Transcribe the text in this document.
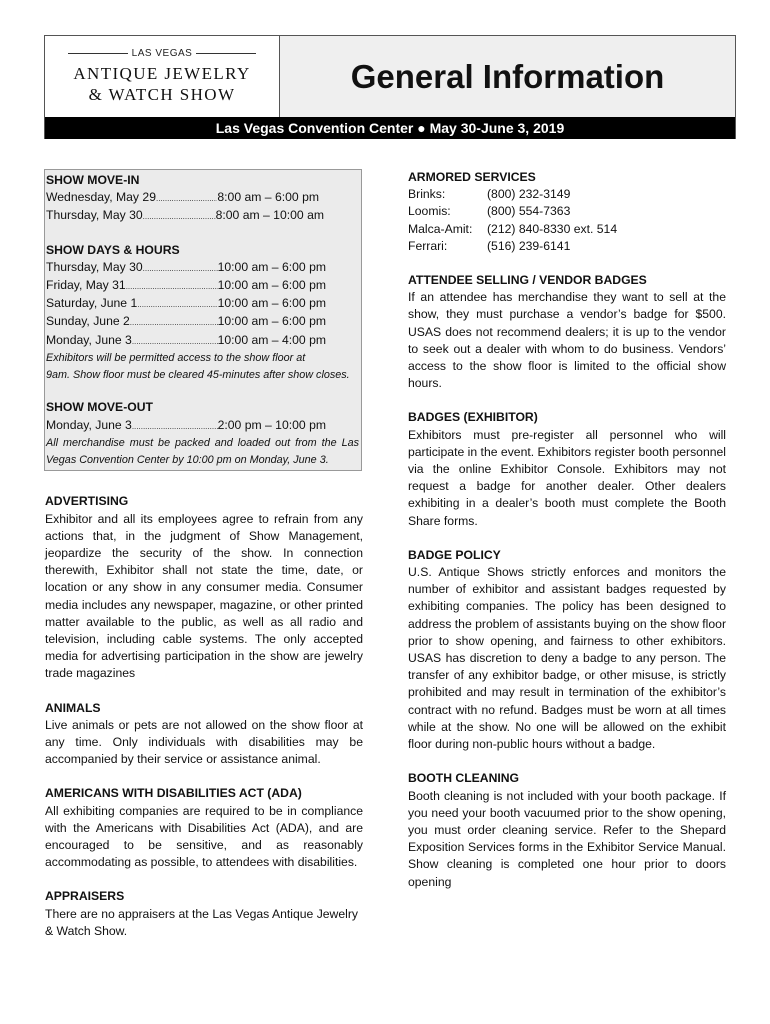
LAS VEGAS
ANTIQUE JEWELRY
& WATCH SHOW	General Information
Las Vegas Convention Center ● May 30-June 3, 2019
SHOW MOVE-IN
Wednesday, May 29 .....	8:00 am – 6:00 pm
Thursday, May 30 .....	8:00 am – 10:00 am
SHOW DAYS & HOURS
Thursday, May 30 .....	10:00 am – 6:00 pm
Friday, May 31 .....	10:00 am – 6:00 pm
Saturday, June 1 .....	10:00 am – 6:00 pm
Sunday, June 2 .....	10:00 am – 6:00 pm
Monday, June 3 .....	10:00 am – 4:00 pm
Exhibitors will be permitted access to the show floor at
9am. Show floor must be cleared 45-minutes after show closes.
SHOW MOVE-OUT
Monday, June 3 .....	2:00 pm – 10:00 pm

All merchandise must be packed and loaded out from the Las Vegas Convention Center by 10:00 pm on Monday, June 3.

ADVERTISING

Exhibitor and all its employees agree to refrain from any actions that, in the judgment of Show Management, jeopardize the security of the show. In connection therewith, Exhibitor shall not state the time, date, or location or any show in any consumer media. Consumer media includes any newspaper, magazine, or other printed matter available to the public, as well as all radio and television, including cable systems. The only accepted media for advertising participation in the show are jewelry trade magazines

ANIMALS

Live animals or pets are not allowed on the show floor at any time. Only individuals with disabilities may be accompanied by their service or assistance animal.

AMERICANS WITH DISABILITIES ACT (ADA)

All exhibiting companies are required to be in compliance with the Americans with Disabilities Act (ADA), and are encouraged to be sensitive, and as reasonably accommodating as possible, to attendees with disabilities.

APPRAISERS

There are no appraisers at the Las Vegas Antique Jewelry & Watch Show.

ARMORED SERVICES
Brinks:	(800) 232-3149
Loomis:	(800) 554-7363
Malca-Amit:	(212) 840-8330 ext. 514
Ferrari:	(516) 239-6141
ATTENDEE SELLING / VENDOR BADGES

If an attendee has merchandise they want to sell at the show, they must purchase a vendor’s badge for $500. USAS does not recommend dealers; it is up to the vendor to seek out a dealer with whom to do business. Vendors’ access to the show floor is limited to the official show hours.

BADGES (EXHIBITOR)

Exhibitors must pre-register all personnel who will participate in the event. Exhibitors register booth personnel via the online Exhibitor Console. Exhibitors may not request a badge for another dealer. Other dealers exhibiting in a dealer’s booth must complete the Booth Share forms.

BADGE POLICY

U.S. Antique Shows strictly enforces and monitors the number of exhibitor and assistant badges requested by exhibiting companies. The policy has been designed to address the problem of assistants buying on the show floor prior to show opening, and fairness to other exhibitors. USAS has discretion to deny a badge to any person. The transfer of any exhibitor badge, or other misuse, is strictly prohibited and may result in termination of the exhibitor’s contract with no refund. Badges must be worn at all times while at the show. No one will be allowed on the exhibit floor during non-public hours without a badge.

BOOTH CLEANING

Booth cleaning is not included with your booth package. If you need your booth vacuumed prior to the show opening, you must order cleaning service. Refer to the Shepard Exposition Services forms in the Exhibitor Service Manual. Show cleaning is completed one hour prior to doors opening
